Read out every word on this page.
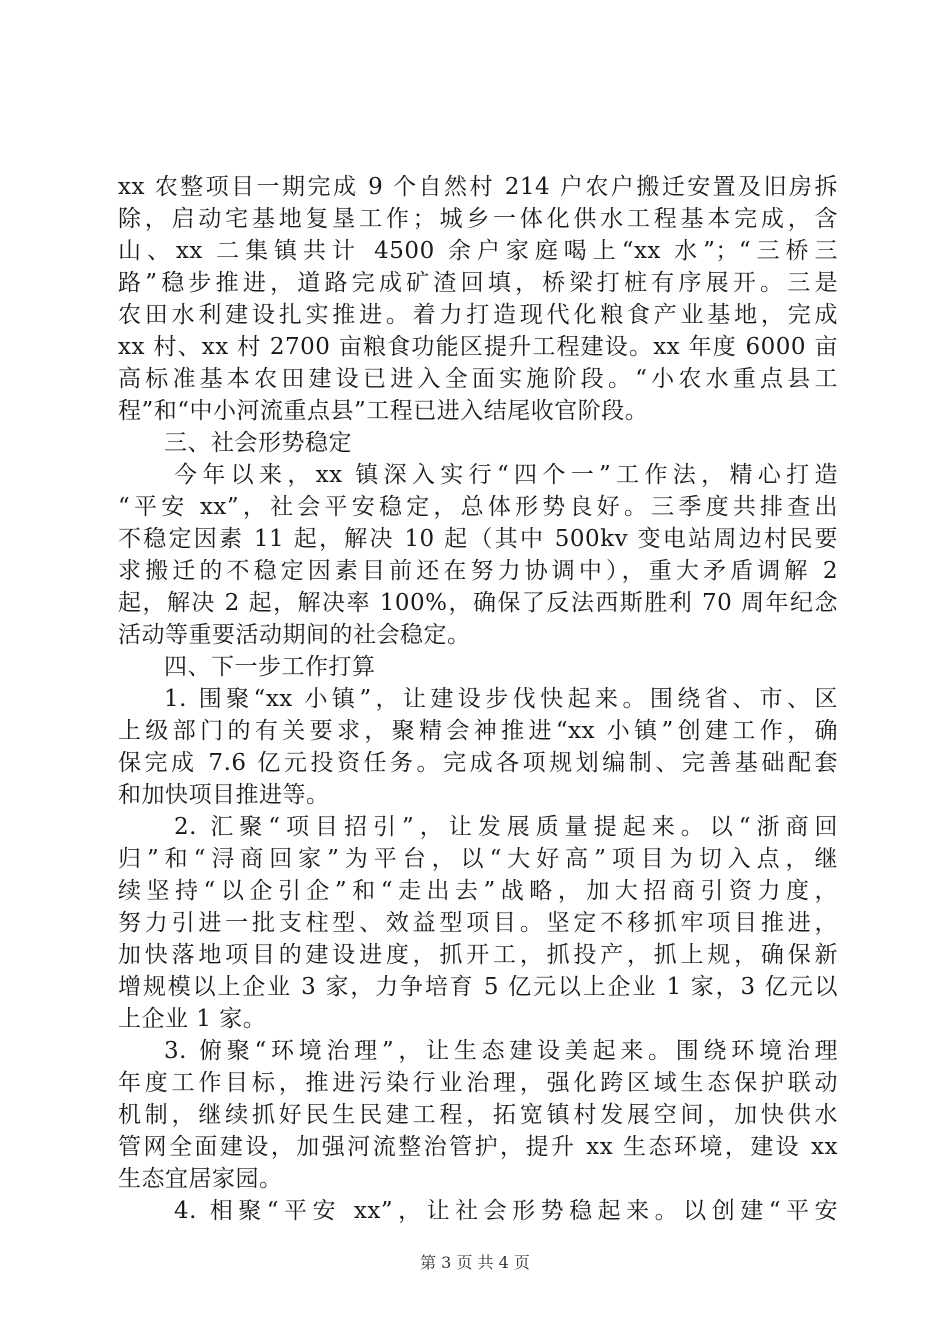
xx 农整项目一期完成 9 个自然村 214 户农户搬迁安置及旧房拆
除，启动宅基地复垦工作；城乡一体化供水工程基本完成，含
山、xx 二集镇共计 4500 余户家庭喝上“xx 水”；“三桥三
路”稳步推进，道路完成矿渣回填，桥梁打桩有序展开。三是
农田水利建设扎实推进。着力打造现代化粮食产业基地，完成
xx 村、xx 村 2700 亩粮食功能区提升工程建设。xx 年度 6000 亩
高标准基本农田建设已进入全面实施阶段。“小农水重点县工
程”和“中小河流重点县”工程已进入结尾收官阶段。
三、社会形势稳定
今年以来，xx 镇深入实行“四个一”工作法，精心打造
“平安 xx”，社会平安稳定，总体形势良好。三季度共排查出
不稳定因素 11 起，解决 10 起（其中 500kv 变电站周边村民要
求搬迁的不稳定因素目前还在努力协调中），重大矛盾调解 2
起，解决 2 起，解决率 100%，确保了反法西斯胜利 70 周年纪念
活动等重要活动期间的社会稳定。
四、下一步工作打算
1. 围聚“xx 小镇”，让建设步伐快起来。围绕省、市、区
上级部门的有关要求，聚精会神推进“xx 小镇”创建工作，确
保完成 7.6 亿元投资任务。完成各项规划编制、完善基础配套
和加快项目推进等。
2. 汇聚“项目招引”，让发展质量提起来。以“浙商回
归”和“浔商回家”为平台，以“大好高”项目为切入点，继
续坚持“以企引企”和“走出去”战略，加大招商引资力度，
努力引进一批支柱型、效益型项目。坚定不移抓牢项目推进，
加快落地项目的建设进度，抓开工，抓投产，抓上规，确保新
增规模以上企业 3 家，力争培育 5 亿元以上企业 1 家，3 亿元以
上企业 1 家。
3. 俯聚“环境治理”，让生态建设美起来。围绕环境治理
年度工作目标，推进污染行业治理，强化跨区域生态保护联动
机制，继续抓好民生民建工程，拓宽镇村发展空间，加快供水
管网全面建设，加强河流整治管护，提升 xx 生态环境，建设 xx
生态宜居家园。
4. 相聚“平安 xx”，让社会形势稳起来。以创建“平安
第 3 页 共 4 页
